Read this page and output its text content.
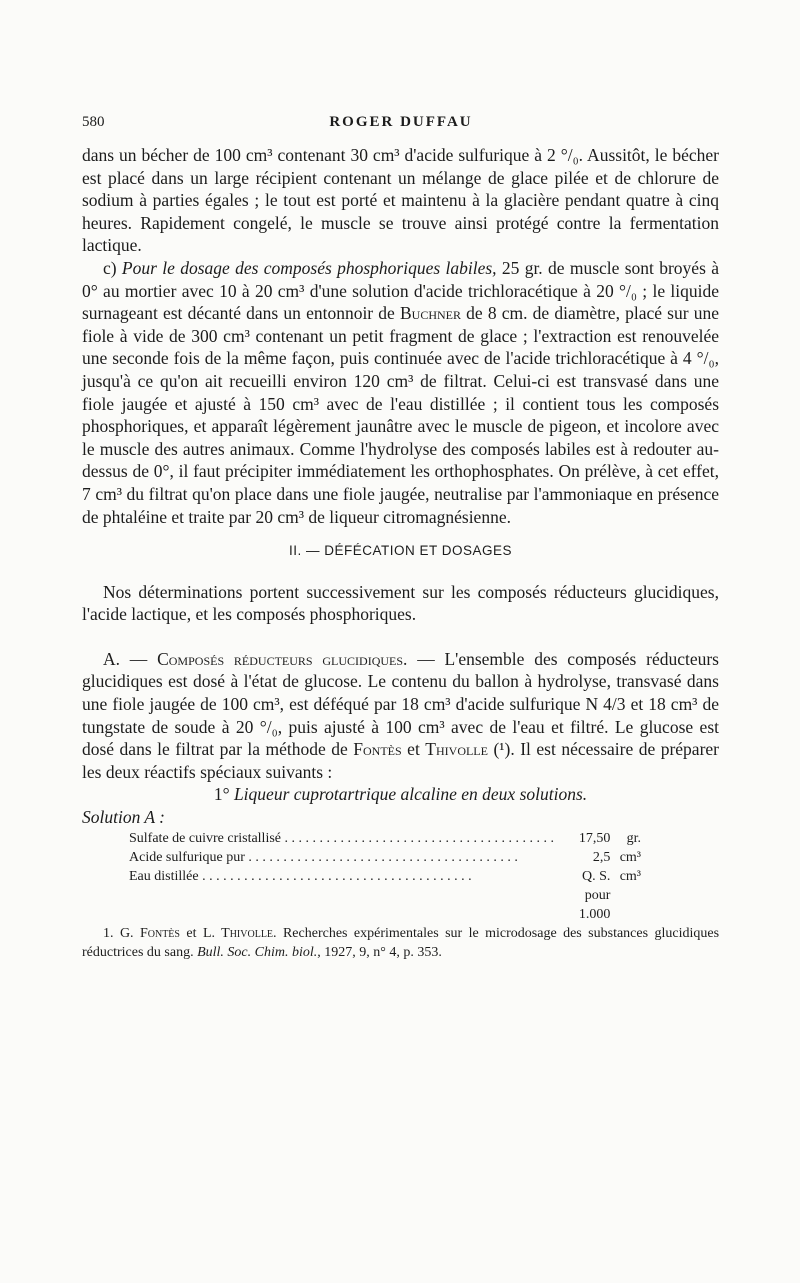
580	ROGER DUFFAU

dans un bécher de 100 cm³ contenant 30 cm³ d'acide sulfurique à 2 °/₀. Aussitôt, le bécher est placé dans un large récipient contenant un mélange de glace pilée et de chlorure de sodium à parties égales ; le tout est porté et maintenu à la glacière pendant quatre à cinq heures. Rapidement congelé, le muscle se trouve ainsi protégé contre la fermentation lactique.

c) Pour le dosage des composés phosphoriques labiles, 25 gr. de muscle sont broyés à 0° au mortier avec 10 à 20 cm³ d'une solution d'acide trichloracétique à 20 °/₀ ; le liquide surnageant est décanté dans un entonnoir de Buchner de 8 cm. de diamètre, placé sur une fiole à vide de 300 cm³ contenant un petit fragment de glace ; l'extraction est renouvelée une seconde fois de la même façon, puis continuée avec de l'acide trichloracétique à 4 °/₀, jusqu'à ce qu'on ait recueilli environ 120 cm³ de filtrat. Celui-ci est transvasé dans une fiole jaugée et ajusté à 150 cm³ avec de l'eau distillée ; il contient tous les composés phosphoriques, et apparaît légèrement jaunâtre avec le muscle de pigeon, et incolore avec le muscle des autres animaux. Comme l'hydrolyse des composés labiles est à redouter au-dessus de 0°, il faut précipiter immédiatement les orthophosphates. On prélève, à cet effet, 7 cm³ du filtrat qu'on place dans une fiole jaugée, neutralise par l'ammoniaque en présence de phtaléine et traite par 20 cm³ de liqueur citromagnésienne.

II. — DÉFÉCATION ET DOSAGES

Nos déterminations portent successivement sur les composés réducteurs glucidiques, l'acide lactique, et les composés phosphoriques.

A. — Composés réducteurs glucidiques. — L'ensemble des composés réducteurs glucidiques est dosé à l'état de glucose. Le contenu du ballon à hydrolyse, transvasé dans une fiole jaugée de 100 cm³, est déféqué par 18 cm³ d'acide sulfurique N 4/3 et 18 cm³ de tungstate de soude à 20 °/₀, puis ajusté à 100 cm³ avec de l'eau et filtré. Le glucose est dosé dans le filtrat par la méthode de Fontès et Thivolle (¹). Il est nécessaire de préparer les deux réactifs spéciaux suivants :

1° Liqueur cuprotartrique alcaline en deux solutions.

Solution A :

Sulfate de cuivre cristallisé . . .	17,50	gr.
Acide sulfurique pur . . .	2,5	cm³
Eau distillée . . .	Q. S. pour 1.000	cm³

1. G. Fontès et L. Thivolle. Recherches expérimentales sur le microdosage des substances glucidiques réductrices du sang. Bull. Soc. Chim. biol., 1927, 9, n° 4, p. 353.
